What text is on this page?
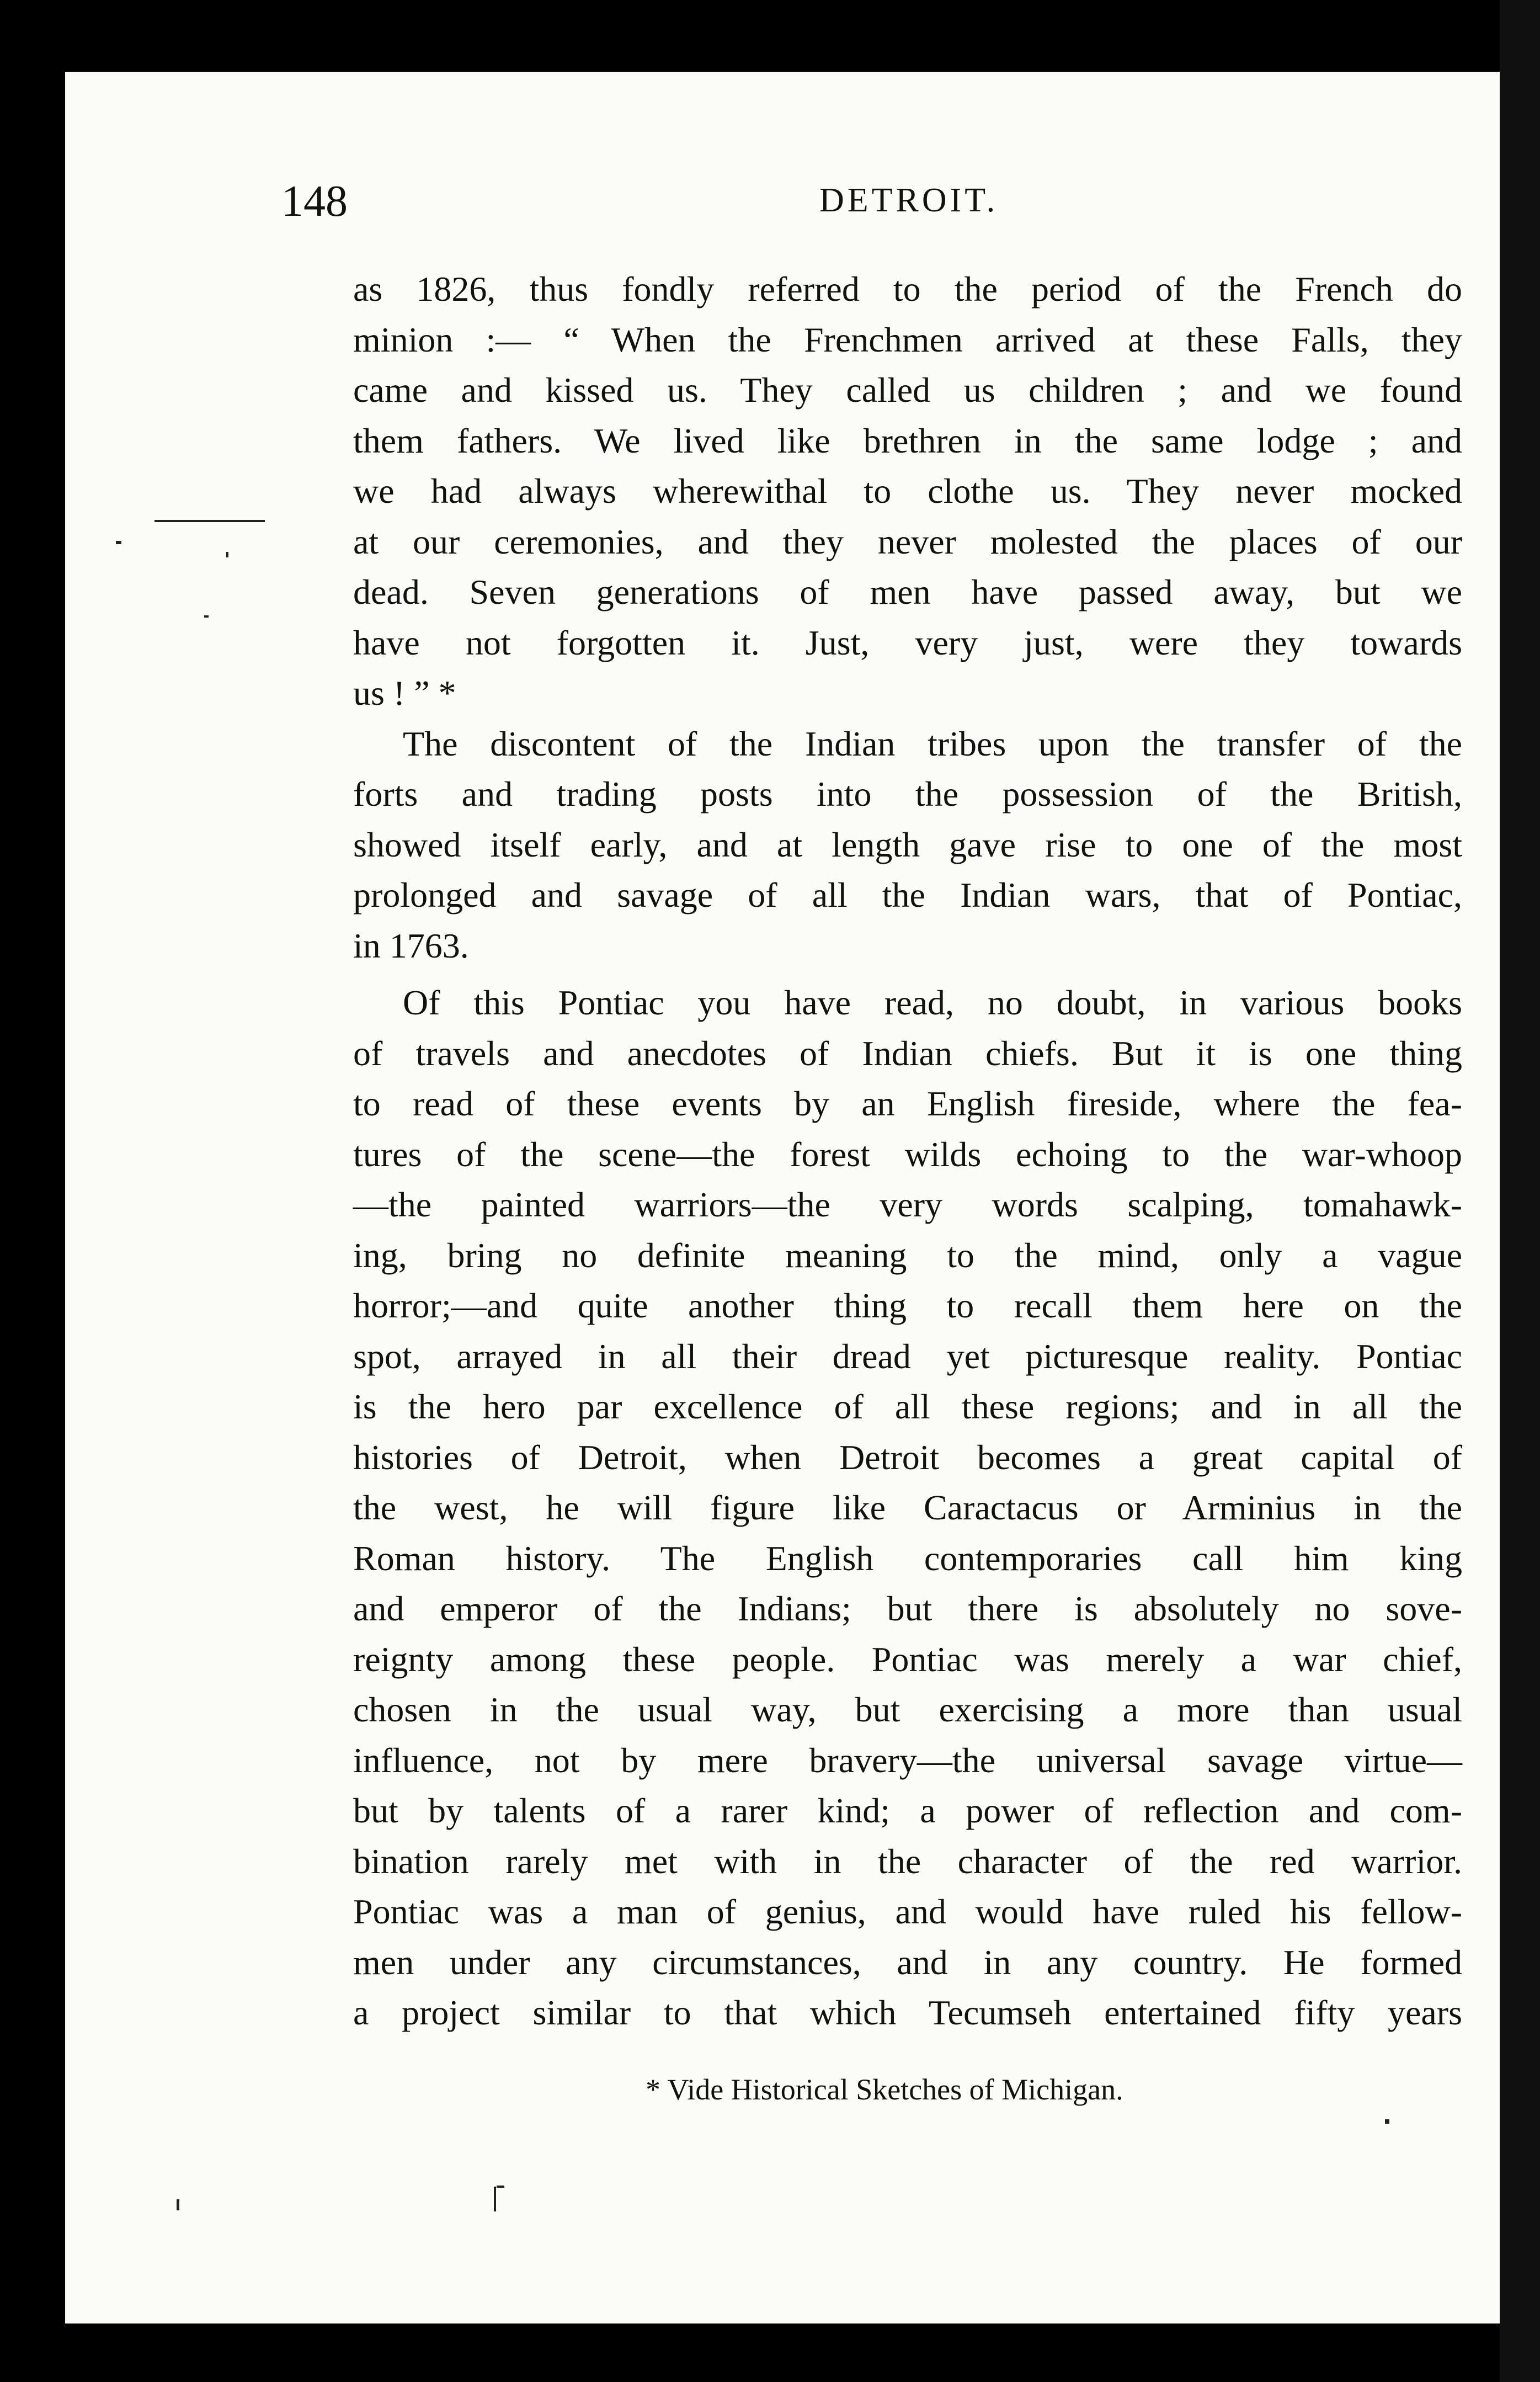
148	DETROIT.
as 1826, thus fondly referred to the period of the French do
minion :— “ When the Frenchmen arrived at these Falls, they
came and kissed us. They called us children ; and we found
them fathers. We lived like brethren in the same lodge ; and
we had always wherewithal to clothe us. They never mocked
at our ceremonies, and they never molested the places of our
dead. Seven generations of men have passed away, but we
have not forgotten it. Just, very just, were they towards
us ! ” *
The discontent of the Indian tribes upon the transfer of the
forts and trading posts into the possession of the British,
showed itself early, and at length gave rise to one of the most
prolonged and savage of all the Indian wars, that of Pontiac,
in 1763.
Of this Pontiac you have read, no doubt, in various books
of travels and anecdotes of Indian chiefs. But it is one thing
to read of these events by an English fireside, where the fea-
tures of the scene—the forest wilds echoing to the war-whoop
—the painted warriors—the very words scalping, tomahawk-
ing, bring no definite meaning to the mind, only a vague
horror;—and quite another thing to recall them here on the
spot, arrayed in all their dread yet picturesque reality. Pontiac
is the hero par excellence of all these regions; and in all the
histories of Detroit, when Detroit becomes a great capital of
the west, he will figure like Caractacus or Arminius in the
Roman history. The English contemporaries call him king
and emperor of the Indians; but there is absolutely no sove-
reignty among these people. Pontiac was merely a war chief,
chosen in the usual way, but exercising a more than usual
influence, not by mere bravery—the universal savage virtue—
but by talents of a rarer kind; a power of reflection and com-
bination rarely met with in the character of the red warrior.
Pontiac was a man of genius, and would have ruled his fellow-
men under any circumstances, and in any country. He formed
a project similar to that which Tecumseh entertained fifty years
* Vide Historical Sketches of Michigan.
